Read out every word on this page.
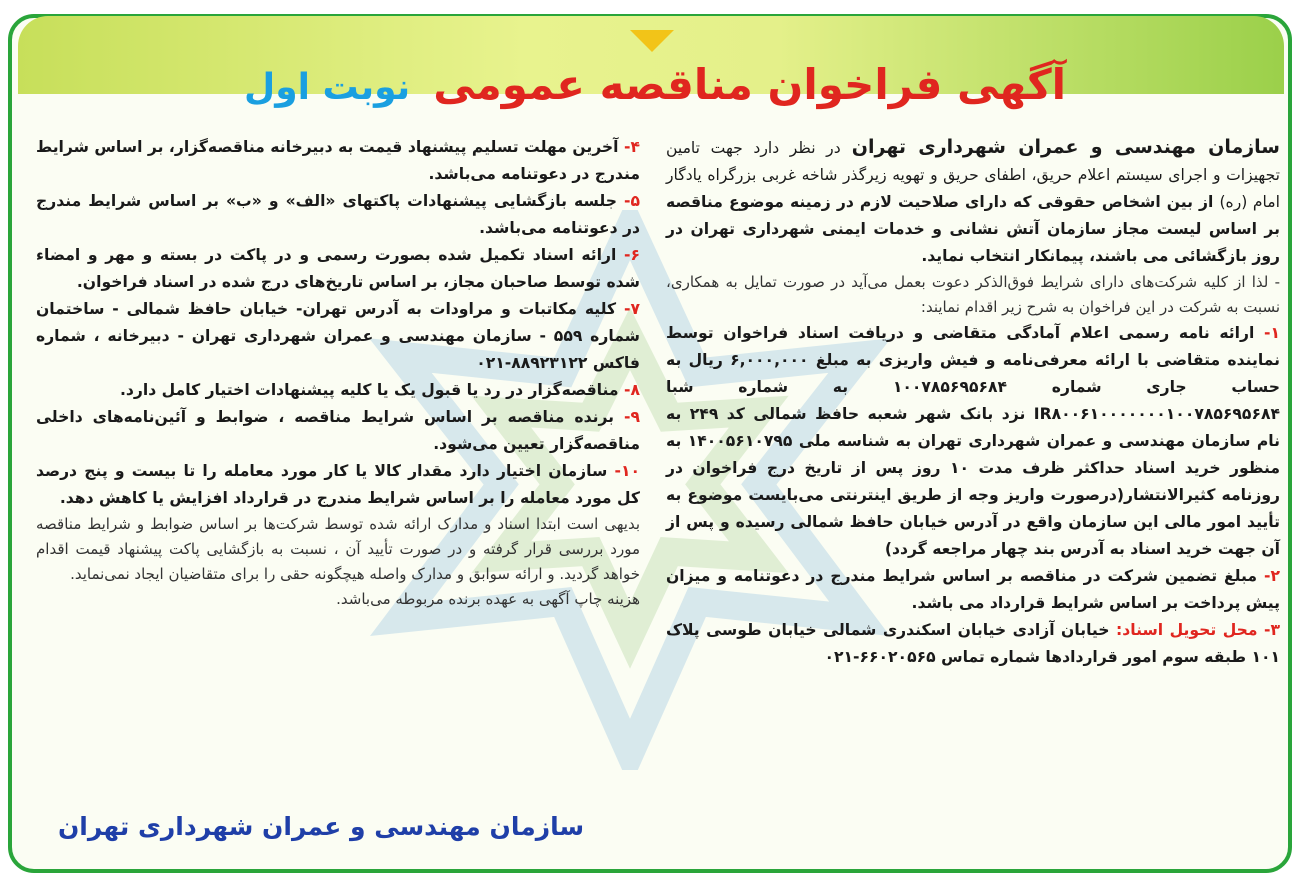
آگهی فراخوان مناقصه عمومی نوبت اول

سازمان مهندسی و عمران شهرداری تهران در نظر دارد جهت تامین تجهیزات و اجرای سیستم اعلام حریق، اطفای حریق و تهویه زیرگذر شاخه غربی بزرگراه یادگار امام (ره) از بین اشخاص حقوقی که دارای صلاحیت لازم در زمینه موضوع مناقصه بر اساس لیست مجاز سازمان آتش نشانی و خدمات ایمنی شهرداری تهران در روز بازگشائی می باشند، پیمانکار انتخاب نماید.

- لذا از کلیه شرکت‌های دارای شرایط فوق‌الذکر دعوت بعمل می‌آید در صورت تمایل به همکاری، نسبت به شرکت در این فراخوان به شرح زیر اقدام نمایند:

۱- ارائه نامه رسمی اعلام آمادگی متقاضی و دریافت اسناد فراخوان توسط نماینده متقاضی با ارائه معرفی‌نامه و فیش واریزی به مبلغ ۶,۰۰۰,۰۰۰ ریال به حساب جاری شماره ۱۰۰۷۸۵۶۹۵۶۸۴ به شماره شبا IR۸۰۰۶۱۰۰۰۰۰۰۰۱۰۰۷۸۵۶۹۵۶۸۴ نزد بانک شهر شعبه حافظ شمالی کد ۲۴۹ به نام سازمان مهندسی و عمران شهرداری تهران به شناسه ملی ۱۴۰۰۵۶۱۰۷۹۵ به منظور خرید اسناد حداکثر ظرف مدت ۱۰ روز پس از تاریخ درج فراخوان در روزنامه کثیرالانتشار(درصورت واریز وجه از طریق اینترنتی می‌بایست موضوع به تأیید امور مالی این سازمان واقع در آدرس خیابان حافظ شمالی رسیده و پس از آن جهت خرید اسناد به آدرس بند چهار مراجعه گردد)

۲- مبلغ تضمین شرکت در مناقصه بر اساس شرایط مندرج در دعوتنامه و میزان پیش پرداخت بر اساس شرایط قرارداد می باشد.

۳- محل تحویل اسناد: خیابان آزادی خیابان اسکندری شمالی خیابان طوسی پلاک ۱۰۱ طبقه سوم امور قراردادها شماره تماس ۶۶۰۲۰۵۶۵-۰۲۱

۴- آخرین مهلت تسلیم پیشنهاد قیمت به دبیرخانه مناقصه‌گزار، بر اساس شرایط مندرج در دعوتنامه می‌باشد.

۵- جلسه بازگشایی پیشنهادات پاکتهای «الف» و «ب» بر اساس شرایط مندرج در دعوتنامه می‌باشد.

۶- ارائه اسناد تکمیل شده بصورت رسمی و در پاکت در بسته و مهر و امضاء شده توسط صاحبان مجاز، بر اساس تاریخ‌های درج شده در اسناد فراخوان.

۷- کلیه مکاتبات و مراودات به آدرس تهران- خیابان حافظ شمالی - ساختمان شماره ۵۵۹ - سازمان مهندسی و عمران شهرداری تهران - دبیرخانه ، شماره فاکس ۸۸۹۲۳۱۲۲-۰۲۱

۸- مناقصه‌گزار در رد یا قبول یک یا کلیه پیشنهادات اختیار کامل دارد.

۹- برنده مناقصه بر اساس شرایط مناقصه ، ضوابط و آئین‌نامه‌های داخلی مناقصه‌گزار تعیین می‌شود.

۱۰- سازمان اختیار دارد مقدار کالا یا کار مورد معامله را تا بیست و پنج درصد کل مورد معامله را بر اساس شرایط مندرج در قرارداد افزایش یا کاهش دهد.

بدیهی است ابتدا اسناد و مدارک ارائه شده توسط شرکت‌ها بر اساس ضوابط و شرایط مناقصه مورد بررسی قرار گرفته و در صورت تأیید آن ، نسبت به بازگشایی پاکت پیشنهاد قیمت اقدام خواهد گردید. و ارائه سوابق و مدارک واصله هیچگونه حقی را برای متقاضیان ایجاد نمی‌نماید.

هزینه چاپ آگهی به عهده برنده مربوطه می‌باشد.

سازمان مهندسی و عمران شهرداری تهران
